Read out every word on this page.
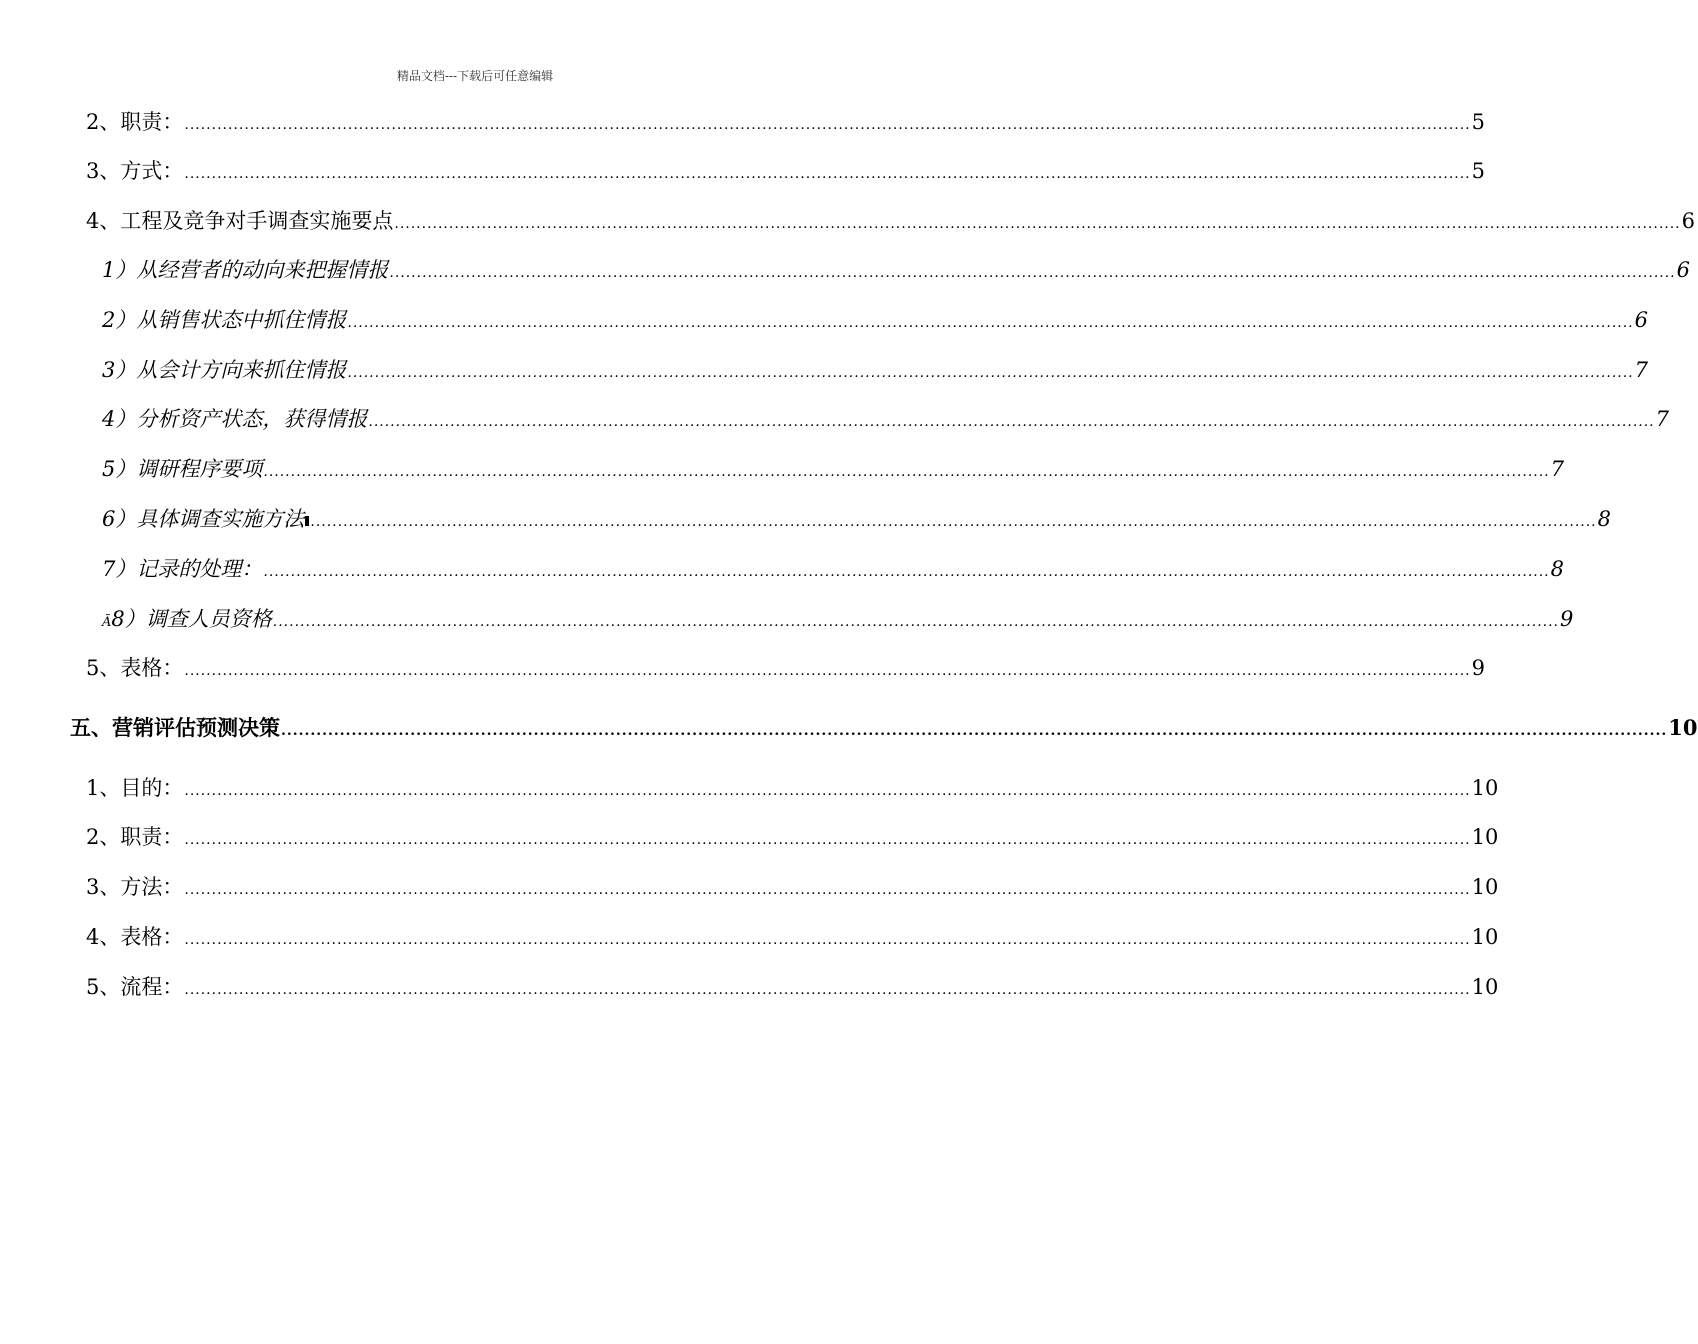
精品文档---下载后可任意编辑
2、职责： ............................................................................................................................................................................................................................................ 5
3、方式： ............................................................................................................................................................................................................................................ 5
4、工程及竞争对手调查实施要点 ............................................................................................................................................................................................................................................ 6
1）从经营者的动向来把握情报 ............................................................................................................................................................................................................................................ 6
2）从销售状态中抓住情报 ............................................................................................................................................................................................................................................ 6
3）从会计方向来抓住情报 ............................................................................................................................................................................................................................................ 7
4）分析资产状态，获得情报 ............................................................................................................................................................................................................................................ 7
5）调研程序要项 ............................................................................................................................................................................................................................................ 7
6）具体调查实施方法 ............................................................................................................................................................................................................................................ 8
7）记录的处理： ............................................................................................................................................................................................................................................ 8
Ã 8）调查人员资格 ............................................................................................................................................................................................................................................ 9
5、表格： ............................................................................................................................................................................................................................................ 9
五、营销评估预测决策 ............................................................................................................................................................................................................................................ 10
1、目的： ............................................................................................................................................................................................................................................ 10
2、职责： ............................................................................................................................................................................................................................................ 10
3、方法： ............................................................................................................................................................................................................................................ 10
4、表格： ............................................................................................................................................................................................................................................ 10
5、流程： ............................................................................................................................................................................................................................................ 10
